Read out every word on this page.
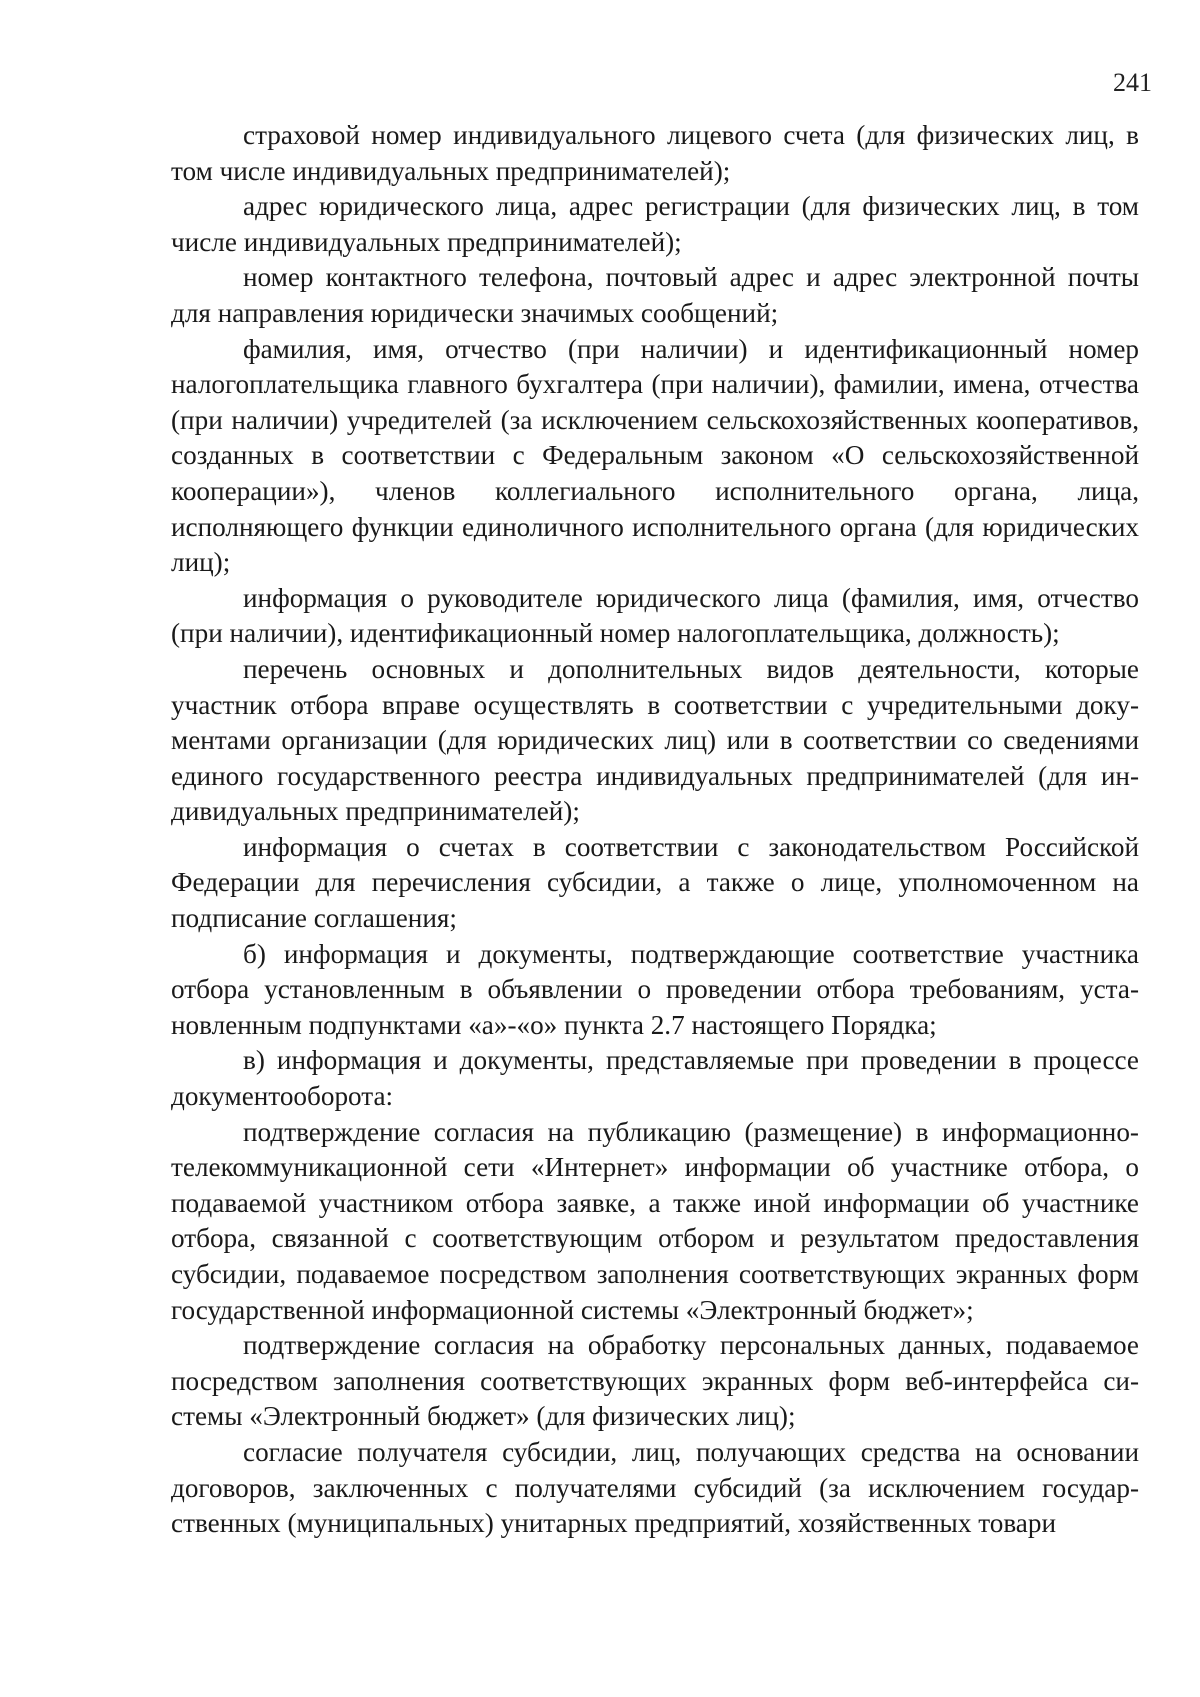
241

страховой номер индивидуального лицевого счета (для физических лиц, в том числе индивидуальных предпринимателей);

адрес юридического лица, адрес регистрации (для физических лиц, в том числе индивидуальных предпринимателей);

номер контактного телефона, почтовый адрес и адрес электронной почты для направления юридически значимых сообщений;

фамилия, имя, отчество (при наличии) и идентификационный номер налогоплательщика главного бухгалтера (при наличии), фамилии, имена, отчества (при наличии) учредителей (за исключением сельскохозяйственных кооперативов, созданных в соответствии с Федеральным законом «О сельскохозяйственной кооперации»), членов коллегиального исполнительного органа, лица, исполняющего функции единоличного исполнительного органа (для юридических лиц);

информация о руководителе юридического лица (фамилия, имя, отчество (при наличии), идентификационный номер налогоплательщика, должность);

перечень основных и дополнительных видов деятельности, которые участник отбора вправе осуществлять в соответствии с учредительными документами организации (для юридических лиц) или в соответствии со сведениями единого государственного реестра индивидуальных предпринимателей (для индивидуальных предпринимателей);

информация о счетах в соответствии с законодательством Российской Федерации для перечисления субсидии, а также о лице, уполномоченном на подписание соглашения;

б) информация и документы, подтверждающие соответствие участника отбора установленным в объявлении о проведении отбора требованиям, установленным подпунктами «а»-«о» пункта 2.7 настоящего Порядка;

в) информация и документы, представляемые при проведении в процессе документооборота:

подтверждение согласия на публикацию (размещение) в информационно-телекоммуникационной сети «Интернет» информации об участнике отбора, о подаваемой участником отбора заявке, а также иной информации об участнике отбора, связанной с соответствующим отбором и результатом предоставления субсидии, подаваемое посредством заполнения соответствующих экранных форм государственной информационной системы «Электронный бюджет»;

подтверждение согласия на обработку персональных данных, подаваемое посредством заполнения соответствующих экранных форм веб-интерфейса системы «Электронный бюджет» (для физических лиц);

согласие получателя субсидии, лиц, получающих средства на основании договоров, заключенных с получателями субсидий (за исключением государственных (муниципальных) унитарных предприятий, хозяйственных товари
